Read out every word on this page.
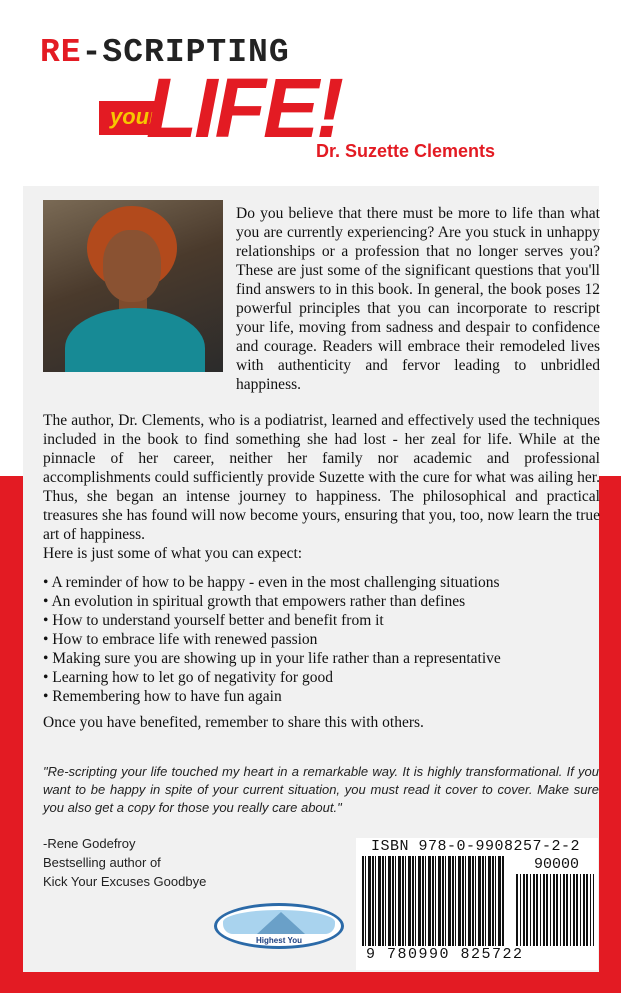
RE-SCRIPTING
your
LIFE!
Dr. Suzette Clements

Do you believe that there must be more to life than what you are currently experiencing? Are you stuck in unhappy relationships or a profession that no longer serves you? These are just some of the significant questions that you'll find answers to in this book. In general, the book poses 12 powerful principles that you can incorporate to rescript your life, moving from sadness and despair to confidence and courage. Readers will embrace their remodeled lives with authenticity and fervor leading to unbridled happiness.

The author, Dr. Clements, who is a podiatrist, learned and effectively used the techniques included in the book to find something she had lost - her zeal for life. While at the pinnacle of her career, neither her family nor academic and professional accomplishments could sufficiently provide Suzette with the cure for what was ailing her. Thus, she began an intense journey to happiness. The philosophical and practical treasures she has found will now become yours, ensuring that you, too, now learn the true art of happiness.

Here is just some of what you can expect:

• A reminder of how to be happy - even in the most challenging situations
• An evolution in spiritual growth that empowers rather than defines
• How to understand yourself better and benefit from it
• How to embrace life with renewed passion
• Making sure you are showing up in your life rather than a representative
• Learning how to let go of negativity for good
• Remembering how to have fun again

Once you have benefited, remember to share this with others.

"Re-scripting your life touched my heart in a remarkable way. It is highly transformational. If you want to be happy in spite of your current situation, you must read it cover to cover. Make sure you also get a copy for those you really care about."

-Rene Godefroy
Bestselling author of
Kick Your Excuses Goodbye
Highest You
ISBN 978-0-9908257-2-2
90000
9 780990 825722
